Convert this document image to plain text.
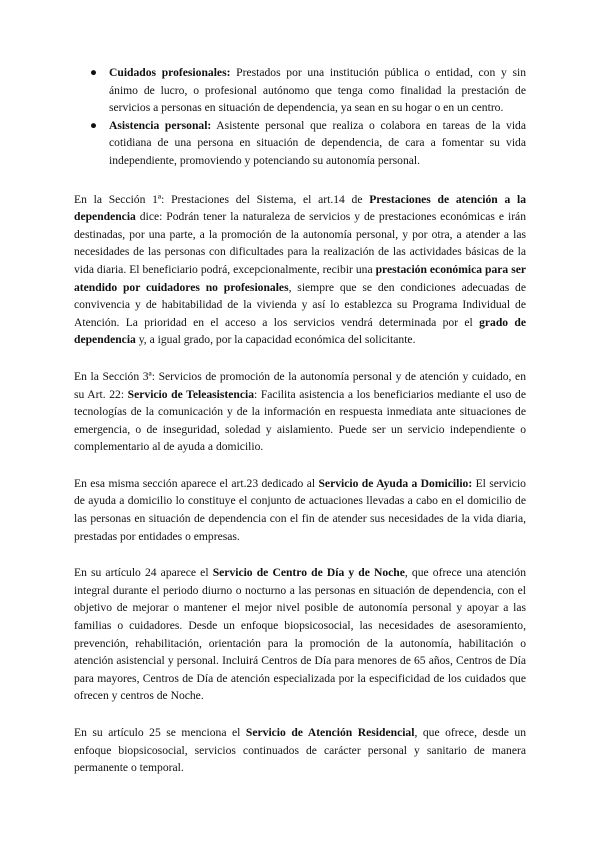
● Cuidados profesionales: Prestados por una institución pública o entidad, con y sin ánimo de lucro, o profesional autónomo que tenga como finalidad la prestación de servicios a personas en situación de dependencia, ya sean en su hogar o en un centro.
● Asistencia personal: Asistente personal que realiza o colabora en tareas de la vida cotidiana de una persona en situación de dependencia, de cara a fomentar su vida independiente, promoviendo y potenciando su autonomía personal.

En la Sección 1ª: Prestaciones del Sistema, el art.14 de Prestaciones de atención a la dependencia dice: Podrán tener la naturaleza de servicios y de prestaciones económicas e irán destinadas, por una parte, a la promoción de la autonomía personal, y por otra, a atender a las necesidades de las personas con dificultades para la realización de las actividades básicas de la vida diaria. El beneficiario podrá, excepcionalmente, recibir una prestación económica para ser atendido por cuidadores no profesionales, siempre que se den condiciones adecuadas de convivencia y de habitabilidad de la vivienda y así lo establezca su Programa Individual de Atención. La prioridad en el acceso a los servicios vendrá determinada por el grado de dependencia y, a igual grado, por la capacidad económica del solicitante.

En la Sección 3ª: Servicios de promoción de la autonomía personal y de atención y cuidado, en su Art. 22: Servicio de Teleasistencia: Facilita asistencia a los beneficiarios mediante el uso de tecnologías de la comunicación y de la información en respuesta inmediata ante situaciones de emergencia, o de inseguridad, soledad y aislamiento. Puede ser un servicio independiente o complementario al de ayuda a domicilio.

En esa misma sección aparece el art.23 dedicado al Servicio de Ayuda a Domicilio: El servicio de ayuda a domicilio lo constituye el conjunto de actuaciones llevadas a cabo en el domicilio de las personas en situación de dependencia con el fin de atender sus necesidades de la vida diaria, prestadas por entidades o empresas.

En su artículo 24 aparece el Servicio de Centro de Día y de Noche, que ofrece una atención integral durante el periodo diurno o nocturno a las personas en situación de dependencia, con el objetivo de mejorar o mantener el mejor nivel posible de autonomía personal y apoyar a las familias o cuidadores. Desde un enfoque biopsicosocial, las necesidades de asesoramiento, prevención, rehabilitación, orientación para la promoción de la autonomía, habilitación o atención asistencial y personal. Incluirá Centros de Día para menores de 65 años, Centros de Día para mayores, Centros de Día de atención especializada por la especificidad de los cuidados que ofrecen y centros de Noche.

En su artículo 25 se menciona el Servicio de Atención Residencial, que ofrece, desde un enfoque biopsicosocial, servicios continuados de carácter personal y sanitario de manera permanente o temporal.
